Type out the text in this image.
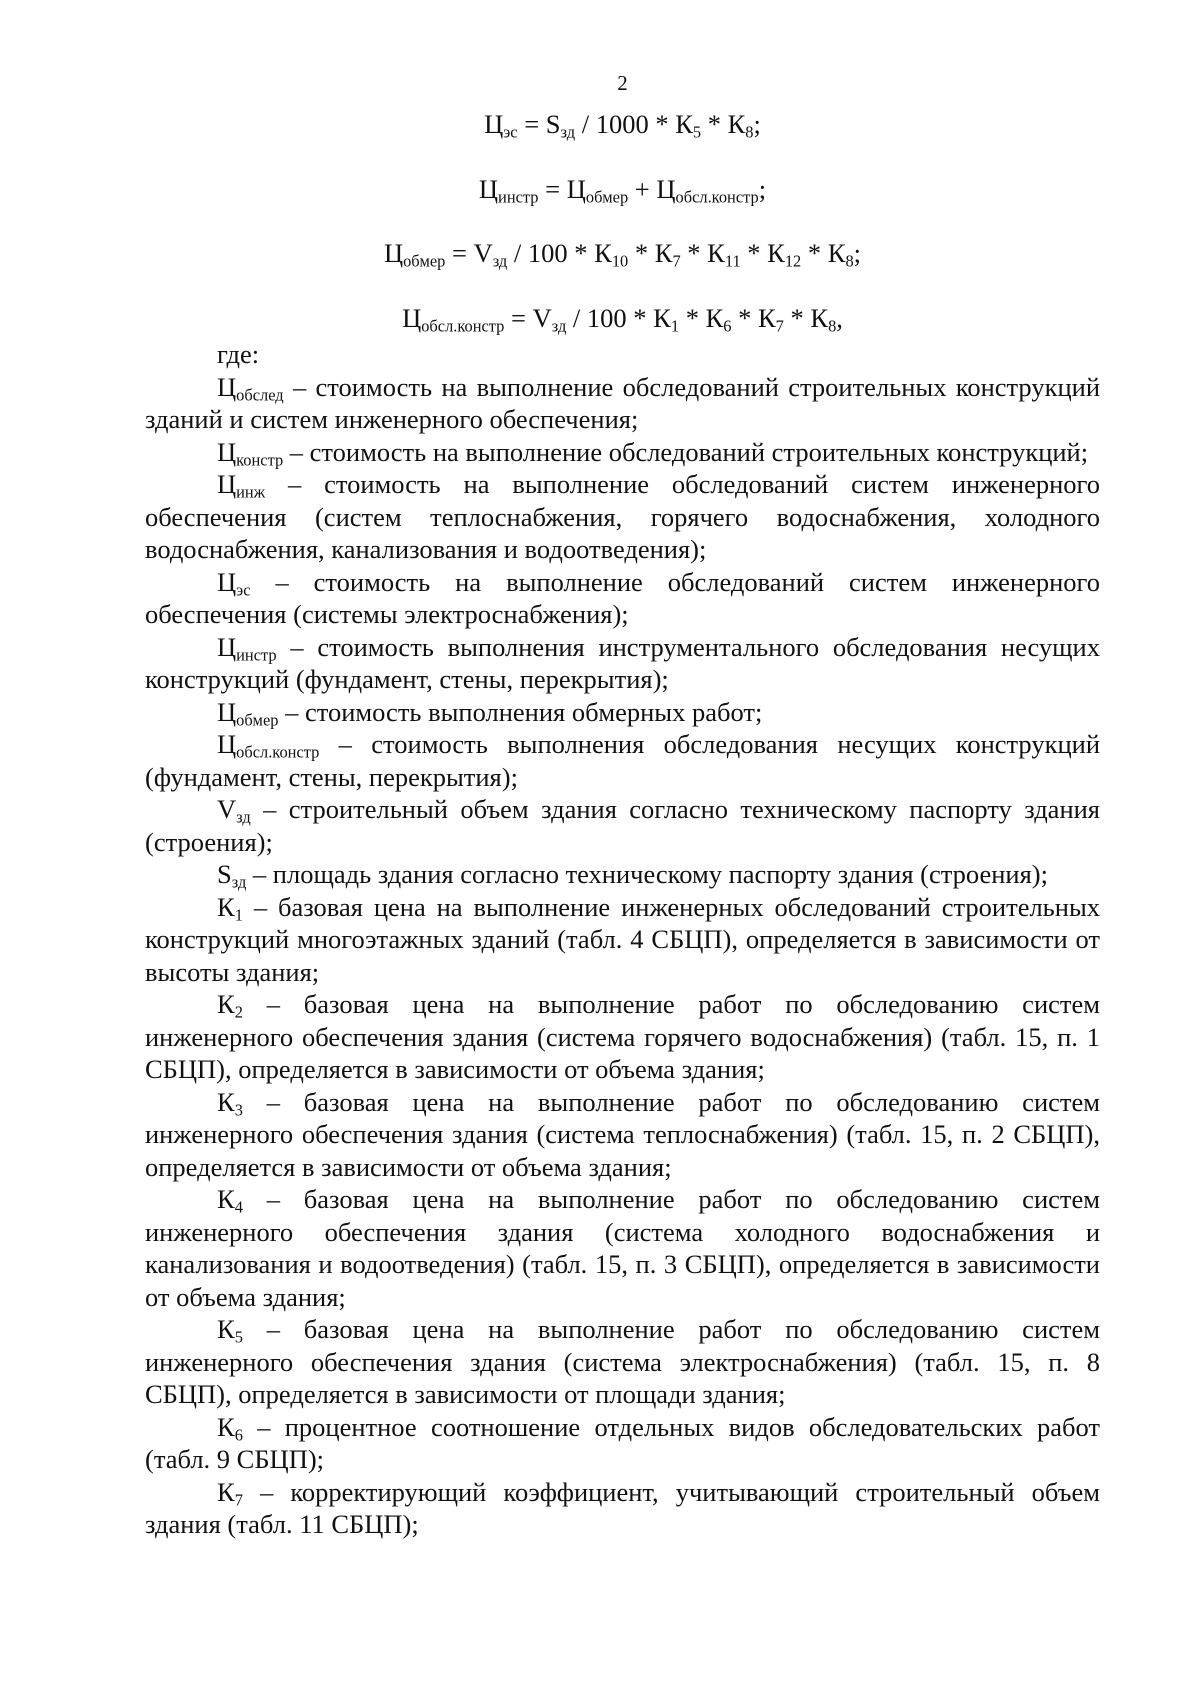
2
$Ц_{эс} = S_{зд} / 1000 * К_5 * К_8$;
$Ц_{инстр} = Ц_{обмер} + Ц_{обсл.констр}$;
$Ц_{обмер} = V_{зд} / 100 * К_{10} * К_7 * К_{11} * К_{12} * К_8$;
$Ц_{обсл.констр} = V_{зд} / 100 * К_1 * К_6 * К_7 * К_8$,
где:

$Ц_{обслед}$ – стоимость на выполнение обследований строительных конструкций зданий и систем инженерного обеспечения;

$Ц_{констр}$ – стоимость на выполнение обследований строительных конструкций;

$Ц_{инж}$ – стоимость на выполнение обследований систем инженерного обеспечения (систем теплоснабжения, горячего водоснабжения, холодного водоснабжения, канализования и водоотведения);

$Ц_{эс}$ – стоимость на выполнение обследований систем инженерного обеспечения (системы электроснабжения);

$Ц_{инстр}$ – стоимость выполнения инструментального обследования несущих конструкций (фундамент, стены, перекрытия);

$Ц_{обмер}$ – стоимость выполнения обмерных работ;

$Ц_{обсл.констр}$ – стоимость выполнения обследования несущих конструкций (фундамент, стены, перекрытия);

$V_{зд}$ – строительный объем здания согласно техническому паспорту здания (строения);

$S_{зд}$ – площадь здания согласно техническому паспорту здания (строения);

$К_1$ – базовая цена на выполнение инженерных обследований строительных конструкций многоэтажных зданий (табл. 4 СБЦП), определяется в зависимости от высоты здания;

$К_2$ – базовая цена на выполнение работ по обследованию систем инженерного обеспечения здания (система горячего водоснабжения) (табл. 15, п. 1 СБЦП), определяется в зависимости от объема здания;

$К_3$ – базовая цена на выполнение работ по обследованию систем инженерного обеспечения здания (система теплоснабжения) (табл. 15, п. 2 СБЦП), определяется в зависимости от объема здания;

$К_4$ – базовая цена на выполнение работ по обследованию систем инженерного обеспечения здания (система холодного водоснабжения и канализования и водоотведения) (табл. 15, п. 3 СБЦП), определяется в зависимости от объема здания;

$К_5$ – базовая цена на выполнение работ по обследованию систем инженерного обеспечения здания (система электроснабжения) (табл. 15, п. 8 СБЦП), определяется в зависимости от площади здания;

$К_6$ – процентное соотношение отдельных видов обследовательских работ (табл. 9 СБЦП);

$К_7$ – корректирующий коэффициент, учитывающий строительный объем здания (табл. 11 СБЦП);
